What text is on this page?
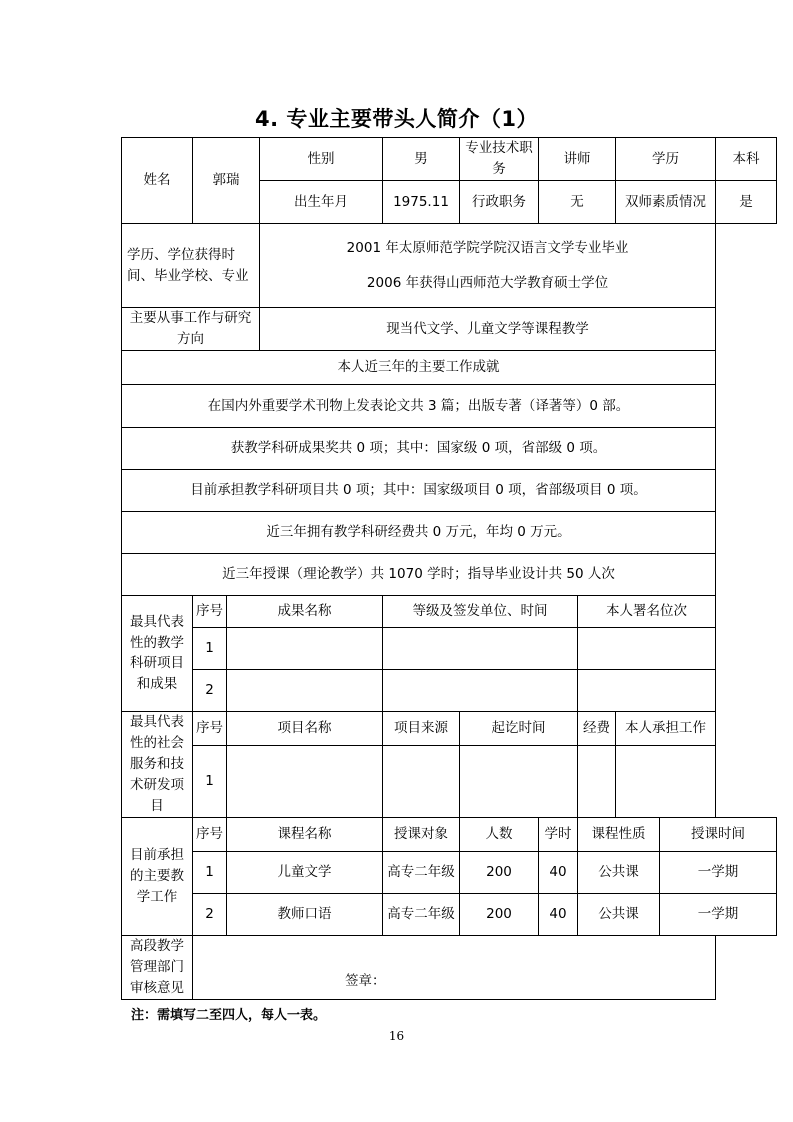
4. 专业主要带头人简介（1）
姓名	郭瑞		性别	男	专业技术职务	讲师		学历		本科
			出生年月	1975.11	行政职务	无		双师素质情况		是
学历、学位获得时间、毕业学校、专业			2001 年太原师范学院学院汉语言文学专业毕业
2006 年获得山西师范大学教育硕士学位							
主要从事工作与研究方向			现当代文学、儿童文学等课程教学							
本人近三年的主要工作成就										
在国内外重要学术刊物上发表论文共 3 篇；出版专著（译著等）0 部。										
获教学科研成果奖共 0 项；其中：国家级 0 项，省部级 0 项。										
目前承担教学科研项目共 0 项；其中：国家级项目 0 项，省部级项目 0 项。										
近三年拥有教学科研经费共 0 万元，年均 0 万元。										
近三年授课（理论教学）共 1070 学时；指导毕业设计共 50 人次										
最具代表性的教学科研项目和成果	序号	成果名称		等级及签发单位、时间			本人署名位次			
	1									
	2									
最具代表性的社会服务和技术研发项目	序号	项目名称		项目来源	起讫时间		经费	本人承担工作		
	1									
目前承担的主要教学工作	序号	课程名称		授课对象	人数	学时	课程性质		授课时间	
	1	儿童文学		高专二年级	200	40	公共课		一学期	
	2	教师口语		高专二年级	200	40	公共课		一学期	
高段教学管理部门审核意见	签章：									
注：需填写二至四人，每人一表。
16
